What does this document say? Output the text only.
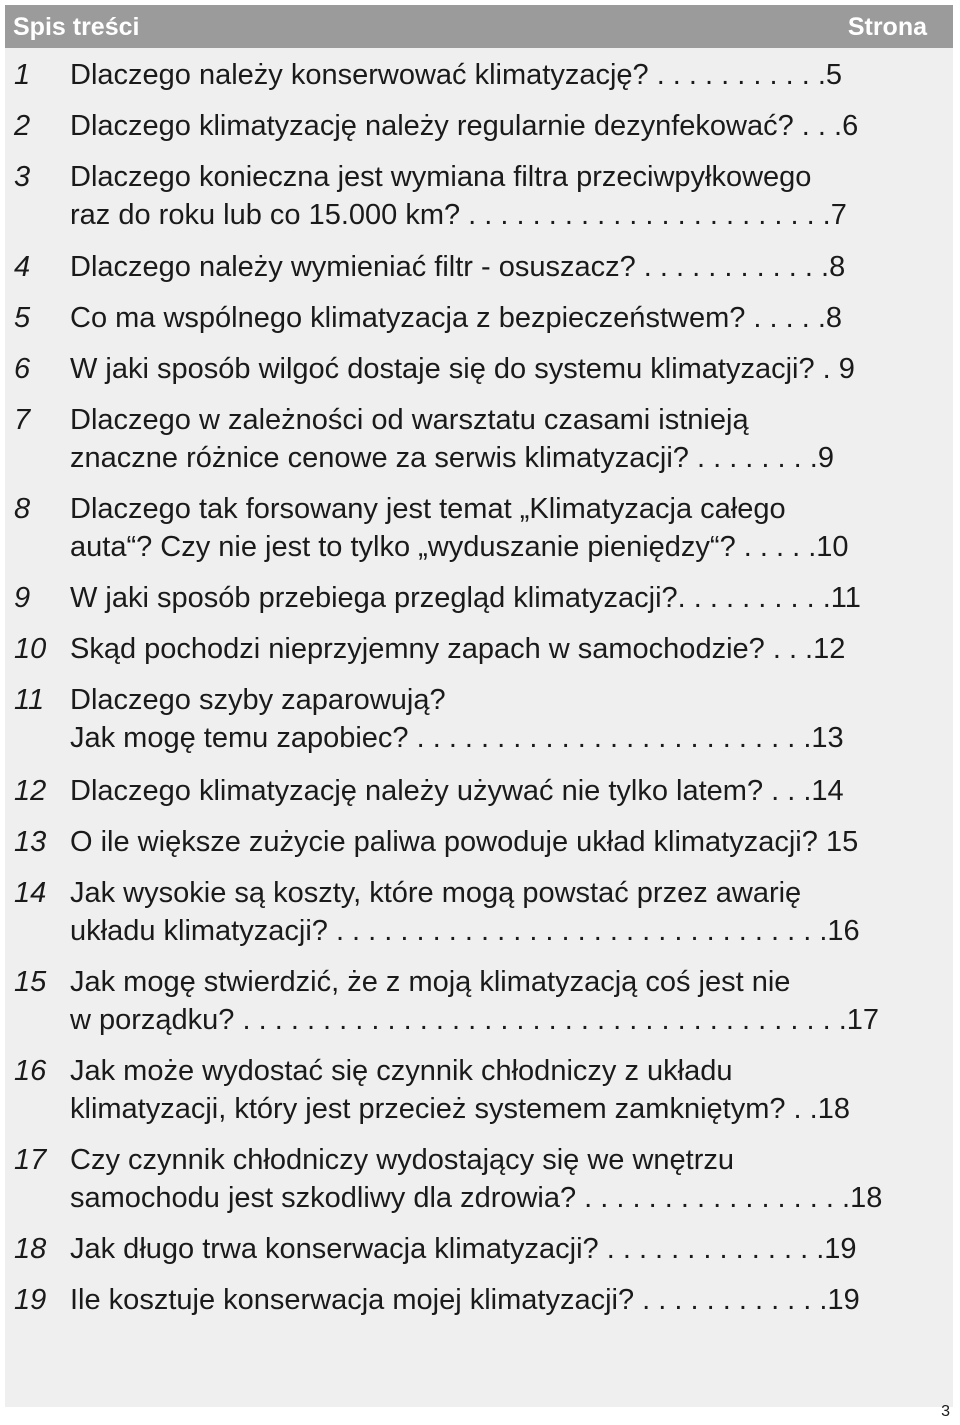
Spis treści	Strona
1 Dlaczego należy konserwować klimatyzację? . . . . . . . . . . .5
2 Dlaczego klimatyzację należy regularnie dezynfekować? . . .6
3 Dlaczego konieczna jest wymiana filtra przeciwpyłkowego
raz do roku lub co 15.000 km? . . . . . . . . . . . . . . . . . . . . . . .7
4 Dlaczego należy wymieniać filtr - osuszacz? . . . . . . . . . . . .8
5 Co ma wspólnego klimatyzacja z bezpieczeństwem? . . . . .8
6 W jaki sposób wilgoć dostaje się do systemu klimatyzacji? . 9
7 Dlaczego w zależności od warsztatu czasami istnieją
znaczne różnice cenowe za serwis klimatyzacji? . . . . . . . .9
8 Dlaczego tak forsowany jest temat „Klimatyzacja całego
auta“? Czy nie jest to tylko „wyduszanie pieniędzy“? . . . . .10
9 W jaki sposób przebiega przegląd klimatyzacji?. . . . . . . . . .11
10 Skąd pochodzi nieprzyjemny zapach w samochodzie? . . .12
11 Dlaczego szyby zaparowują?
Jak mogę temu zapobiec? . . . . . . . . . . . . . . . . . . . . . . . . .13
12 Dlaczego klimatyzację należy używać nie tylko latem? . . .14
13 O ile większe zużycie paliwa powoduje układ klimatyzacji? 15
14 Jak wysokie są koszty, które mogą powstać przez awarię
układu klimatyzacji? . . . . . . . . . . . . . . . . . . . . . . . . . . . . . . .16
15 Jak mogę stwierdzić, że z moją klimatyzacją coś jest nie
w porządku? . . . . . . . . . . . . . . . . . . . . . . . . . . . . . . . . . . . . . .17
16 Jak może wydostać się czynnik chłodniczy z układu
klimatyzacji, który jest przecież systemem zamkniętym? . .18
17 Czy czynnik chłodniczy wydostający się we wnętrzu
samochodu jest szkodliwy dla zdrowia? . . . . . . . . . . . . . . . . .18
18 Jak długo trwa konserwacja klimatyzacji? . . . . . . . . . . . . . .19
19 Ile kosztuje konserwacja mojej klimatyzacji? . . . . . . . . . . . .19
3
